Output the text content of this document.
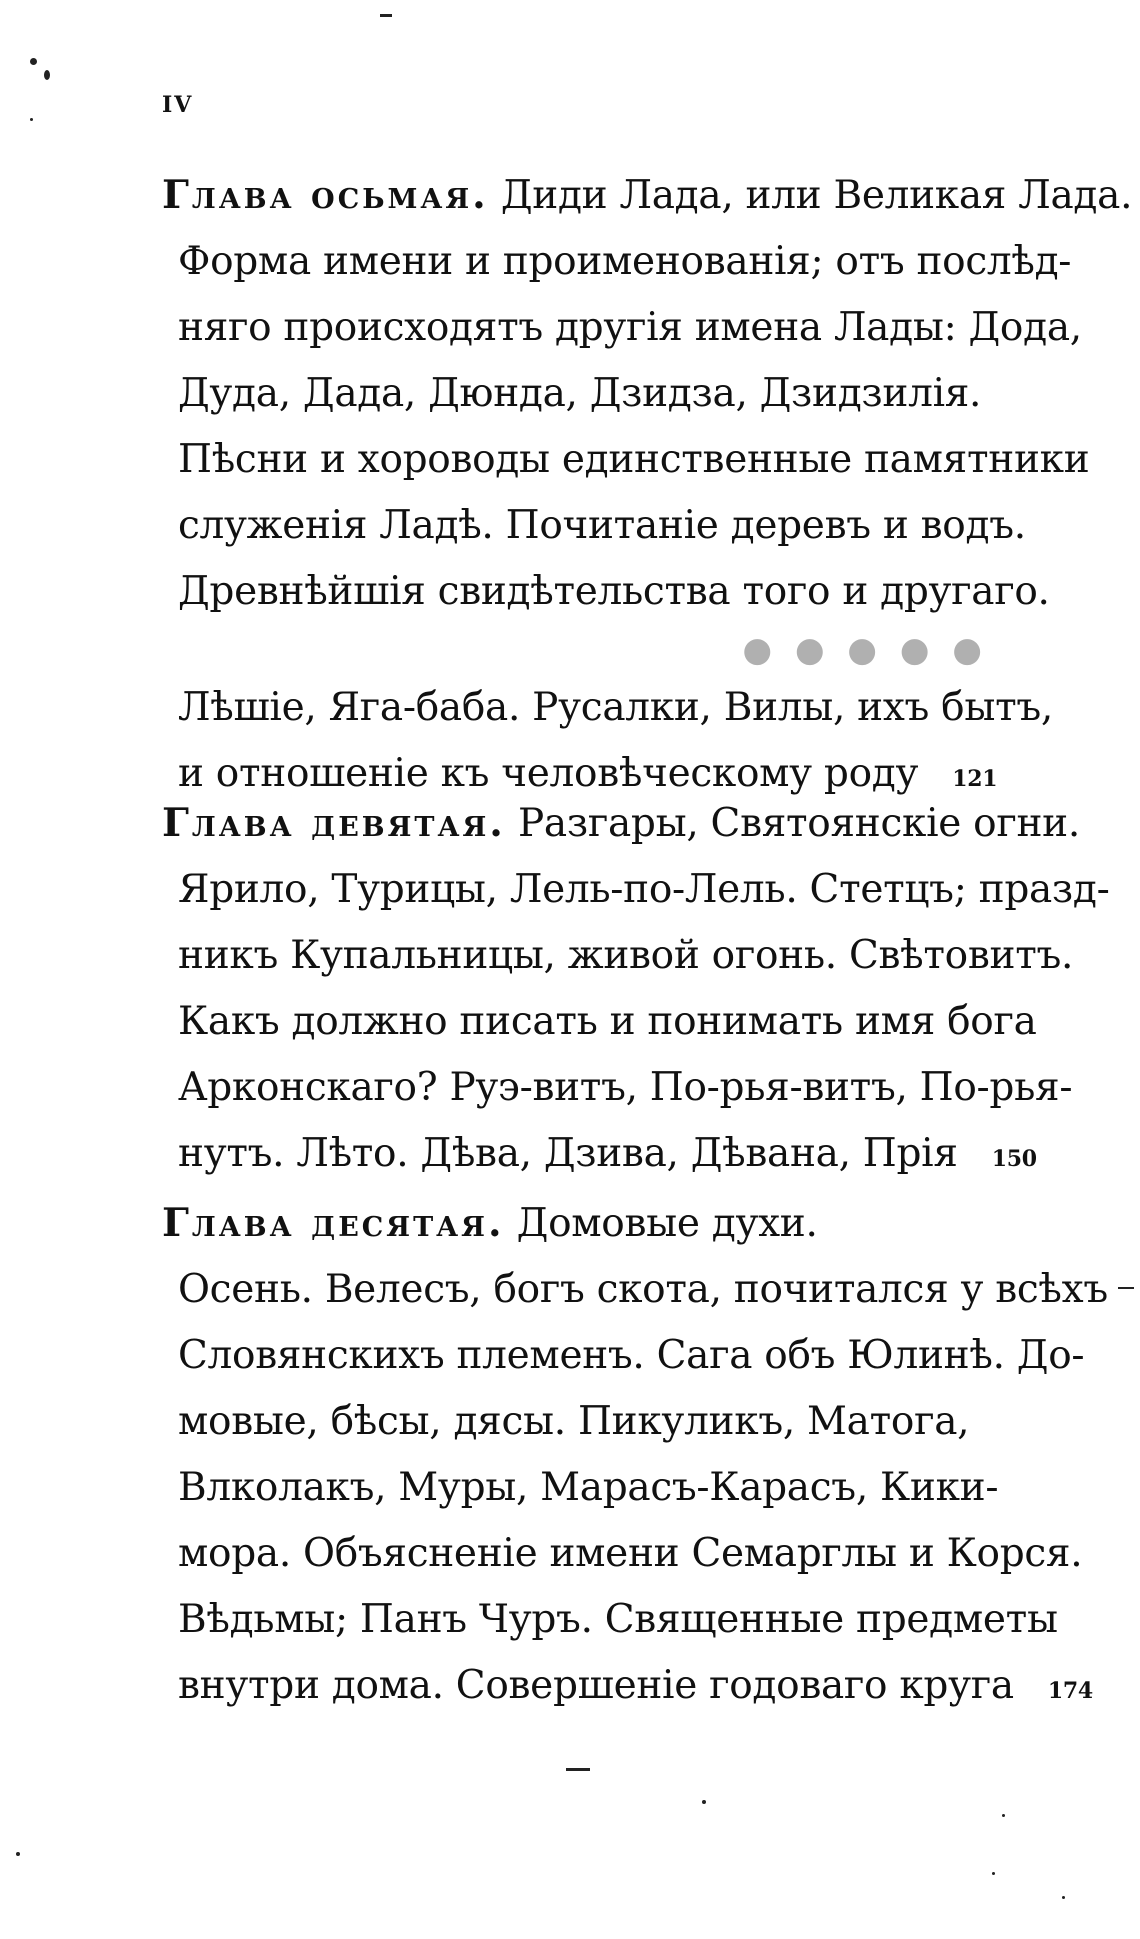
IV
Глава осьмая. Диди Лада, или Великая Лада.
Форма имени и проименованія; отъ послѣд-
няго происходятъ другія имена Лады: Дода,
Дуда, Дада, Дюнда, Дзидза, Дзидзилія.
Пѣсни и хороводы единственные памятники
служенія Ладѣ. Почитаніе деревъ и водъ.
Древнѣйшія свидѣтельства того и другаго.
● ● ● ● ●
Лѣшіе, Яга-баба. Русалки, Вилы, ихъ бытъ,
и отношеніе къ человѣческому роду 121
Глава девятая. Разгары, Святоянскіе огни.
Ярило, Турицы, Лель-по-Лель. Стетцъ; празд-
никъ Купальницы, живой огонь. Свѣтовитъ.
Какъ должно писать и понимать имя бога
Арконскаго? Руэ-витъ, По-рья-витъ, По-рья-
нутъ. Лѣто. Дѣва, Дзива, Дѣвана, Прія 150
Глава десятая. Домовые духи.
Осень. Велесъ, богъ скота, почитался у всѣхъ
Словянскихъ племенъ. Сага объ Юлинѣ. До-
мовые, бѣсы, дясы. Пикуликъ, Матога,
Влколакъ, Муры, Марасъ-Карасъ, Кики-
мора. Объясненіе имени Семарглы и Корся.
Вѣдьмы; Панъ Чуръ. Священные предметы
внутри дома. Совершеніе годоваго круга 174
